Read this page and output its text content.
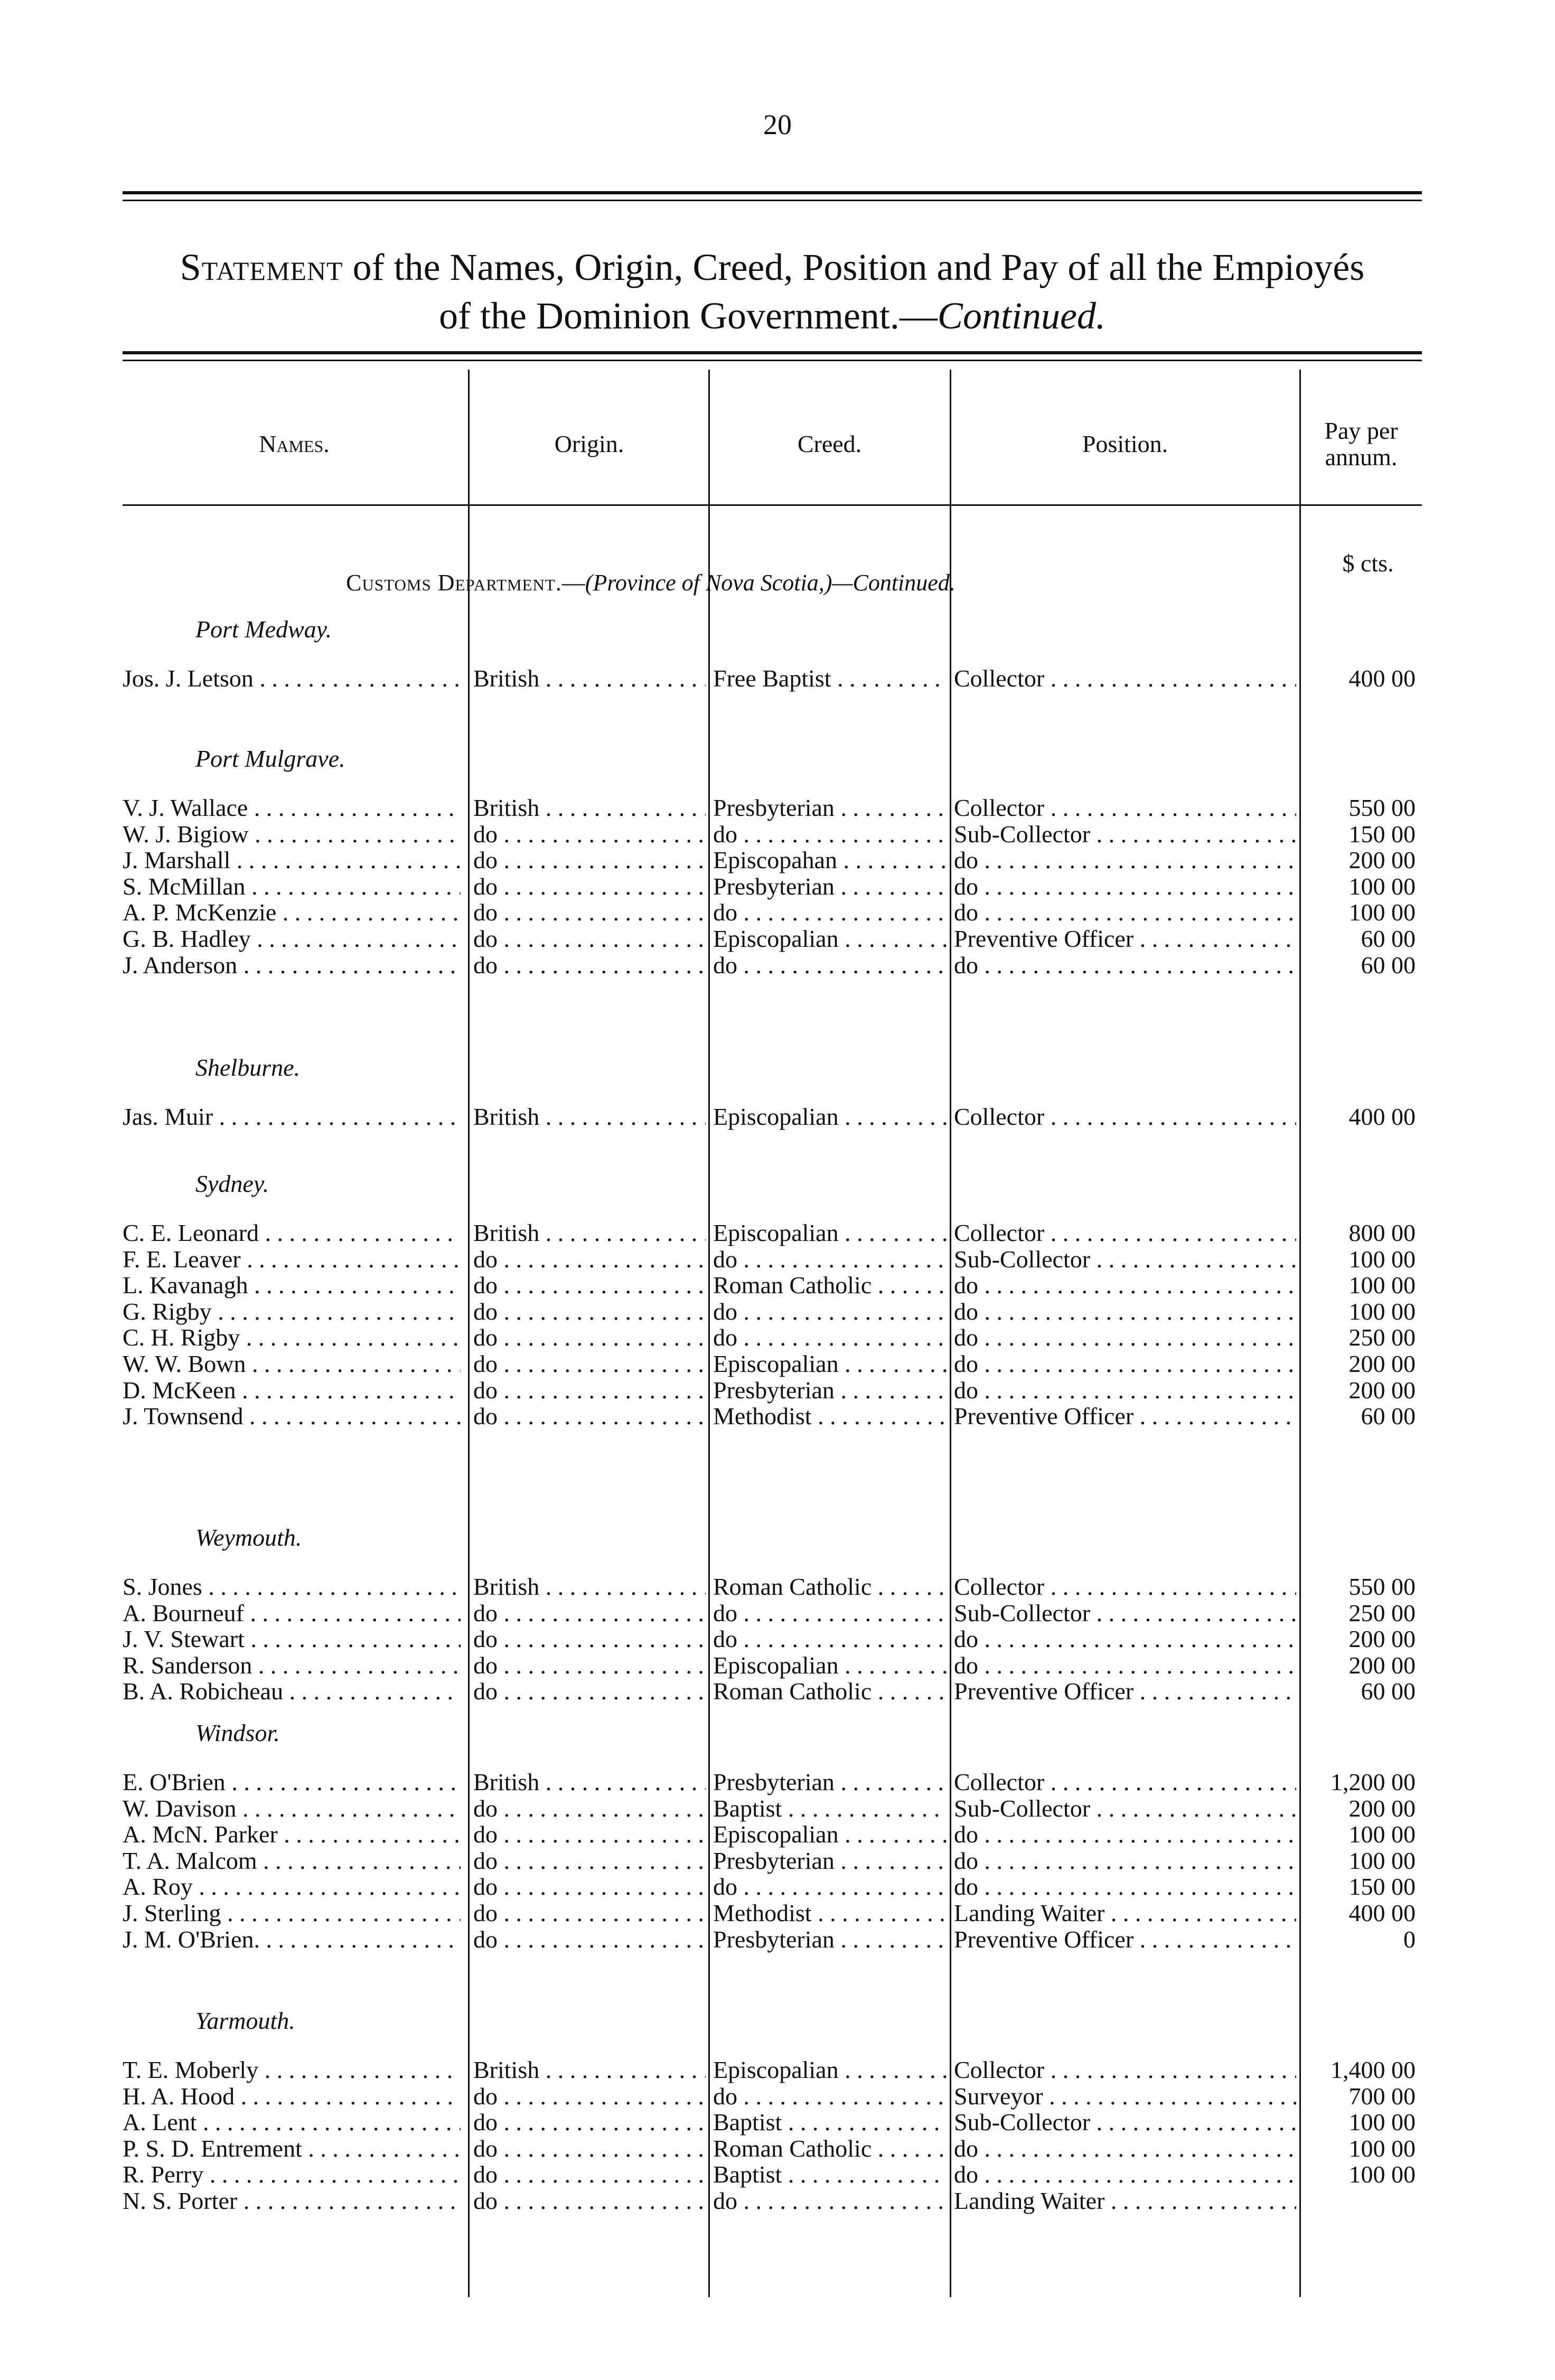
20
Statement of the Names, Origin, Creed, Position and Pay of all the Empioyés
of the Dominion Government.—Continued.
Names.	Origin.	Creed.	Position.	Pay per
annum.
Customs Department.—(Province of Nova Scotia,)—Continued.
$ cts.
Port Medway.
Jos. J. Letson . . .	British . . .	Free Baptist . . .	Collector . . .	400 00
Port Mulgrave.
V. J. Wallace . . .	British . . .	Presbyterian . . .	Collector . . .	550 00
W. J. Bigiow . . .	do . . .	do . . .	Sub-Collector . . .	150 00
J. Marshall . . .	do . . .	Episcopahan . . .	do . . .	200 00
S. McMillan . . .	do . . .	Presbyterian . . .	do . . .	100 00
A. P. McKenzie . . .	do . . .	do . . .	do . . .	100 00
G. B. Hadley . . .	do . . .	Episcopalian . . .	Preventive Officer . . .	60 00
J. Anderson . . .	do . . .	do . . .	do . . .	60 00
Shelburne.
Jas. Muir . . .	British . . .	Episcopalian . . .	Collector . . .	400 00
Sydney.
C. E. Leonard . . .	British . . .	Episcopalian . . .	Collector . . .	800 00
F. E. Leaver . . .	do . . .	do . . .	Sub-Collector . . .	100 00
L. Kavanagh . . .	do . . .	Roman Catholic . . .	do . . .	100 00
G. Rigby . . .	do . . .	do . . .	do . . .	100 00
C. H. Rigby . . .	do . . .	do . . .	do . . .	250 00
W. W. Bown . . .	do . . .	Episcopalian . . .	do . . .	200 00
D. McKeen . . .	do . . .	Presbyterian . . .	do . . .	200 00
J. Townsend . . .	do . . .	Methodist . . .	Preventive Officer . . .	60 00
Weymouth.
S. Jones . . .	British . . .	Roman Catholic . . .	Collector . . .	550 00
A. Bourneuf . . .	do . . .	do . . .	Sub-Collector . . .	250 00
J. V. Stewart . . .	do . . .	do . . .	do . . .	200 00
R. Sanderson . . .	do . . .	Episcopalian . . .	do . . .	200 00
B. A. Robicheau . . .	do . . .	Roman Catholic . . .	Preventive Officer . . .	60 00
Windsor.
E. O'Brien . . .	British . . .	Presbyterian . . .	Collector . . .	1,200 00
W. Davison . . .	do . . .	Baptist . . .	Sub-Collector . . .	200 00
A. McN. Parker . . .	do . . .	Episcopalian . . .	do . . .	100 00
T. A. Malcom . . .	do . . .	Presbyterian . . .	do . . .	100 00
A. Roy . . .	do . . .	do . . .	do . . .	150 00
J. Sterling . . .	do . . .	Methodist . . .	Landing Waiter . . .	400 00
J. M. O'Brien. . . .	do . . .	Presbyterian . . .	Preventive Officer . . .	0
Yarmouth.
T. E. Moberly . . .	British . . .	Episcopalian . . .	Collector . . .	1,400 00
H. A. Hood . . .	do . . .	do . . .	Surveyor . . .	700 00
A. Lent . . .	do . . .	Baptist . . .	Sub-Collector . . .	100 00
P. S. D. Entrement . . .	do . . .	Roman Catholic . . .	do . . .	100 00
R. Perry . . .	do . . .	Baptist . . .	do . . .	100 00
N. S. Porter . . .	do . . .	do . . .	Landing Waiter . . .
